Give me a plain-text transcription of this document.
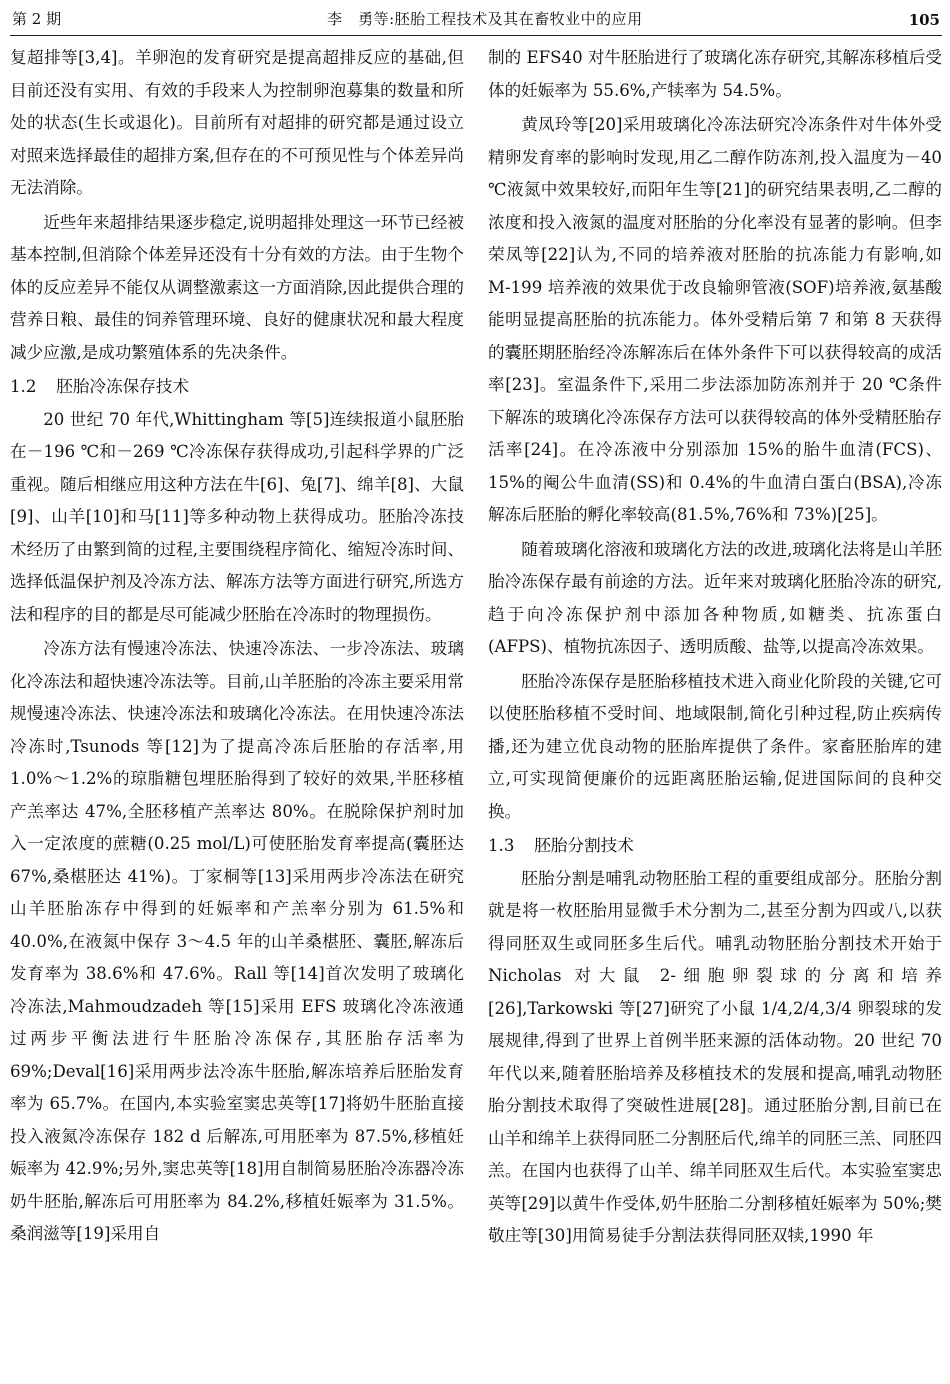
第 2 期	李　勇等:胚胎工程技术及其在畜牧业中的应用	105

复超排等[3,4]。羊卵泡的发育研究是提高超排反应的基础,但目前还没有实用、有效的手段来人为控制卵泡募集的数量和所处的状态(生长或退化)。目前所有对超排的研究都是通过设立对照来选择最佳的超排方案,但存在的不可预见性与个体差异尚无法消除。

近些年来超排结果逐步稳定,说明超排处理这一环节已经被基本控制,但消除个体差异还没有十分有效的方法。由于生物个体的反应差异不能仅从调整激素这一方面消除,因此提供合理的营养日粮、最佳的饲养管理环境、良好的健康状况和最大程度减少应激,是成功繁殖体系的先决条件。

1.2 胚胎冷冻保存技术

20 世纪 70 年代,Whittingham 等[5]连续报道小鼠胚胎在－196 ℃和－269 ℃冷冻保存获得成功,引起科学界的广泛重视。随后相继应用这种方法在牛[6]、兔[7]、绵羊[8]、大鼠[9]、山羊[10]和马[11]等多种动物上获得成功。胚胎冷冻技术经历了由繁到简的过程,主要围绕程序简化、缩短冷冻时间、选择低温保护剂及冷冻方法、解冻方法等方面进行研究,所选方法和程序的目的都是尽可能减少胚胎在冷冻时的物理损伤。

冷冻方法有慢速冷冻法、快速冷冻法、一步冷冻法、玻璃化冷冻法和超快速冷冻法等。目前,山羊胚胎的冷冻主要采用常规慢速冷冻法、快速冷冻法和玻璃化冷冻法。在用快速冷冻法冷冻时,Tsunods 等[12]为了提高冷冻后胚胎的存活率,用 1.0%～1.2%的琼脂糖包埋胚胎得到了较好的效果,半胚移植产羔率达 47%,全胚移植产羔率达 80%。在脱除保护剂时加入一定浓度的蔗糖(0.25 mol/L)可使胚胎发育率提高(囊胚达 67%,桑椹胚达 41%)。丁家桐等[13]采用两步冷冻法在研究山羊胚胎冻存中得到的妊娠率和产羔率分别为 61.5%和 40.0%,在液氮中保存 3～4.5 年的山羊桑椹胚、囊胚,解冻后发育率为 38.6%和 47.6%。Rall 等[14]首次发明了玻璃化冷冻法,Mahmoudzadeh 等[15]采用 EFS 玻璃化冷冻液通过两步平衡法进行牛胚胎冷冻保存,其胚胎存活率为 69%;Deval[16]采用两步法冷冻牛胚胎,解冻培养后胚胎发育率为 65.7%。在国内,本实验室窦忠英等[17]将奶牛胚胎直接投入液氮冷冻保存 182 d 后解冻,可用胚率为 87.5%,移植妊娠率为 42.9%;另外,窦忠英等[18]用自制简易胚胎冷冻器冷冻奶牛胚胎,解冻后可用胚率为 84.2%,移植妊娠率为 31.5%。桑润滋等[19]采用自

制的 EFS40 对牛胚胎进行了玻璃化冻存研究,其解冻移植后受体的妊娠率为 55.6%,产犊率为 54.5%。

黄凤玲等[20]采用玻璃化冷冻法研究冷冻条件对牛体外受精卵发育率的影响时发现,用乙二醇作防冻剂,投入温度为－40 ℃液氮中效果较好,而阳年生等[21]的研究结果表明,乙二醇的浓度和投入液氮的温度对胚胎的分化率没有显著的影响。但李荣凤等[22]认为,不同的培养液对胚胎的抗冻能力有影响,如 M-199 培养液的效果优于改良输卵管液(SOF)培养液,氨基酸能明显提高胚胎的抗冻能力。体外受精后第 7 和第 8 天获得的囊胚期胚胎经冷冻解冻后在体外条件下可以获得较高的成活率[23]。室温条件下,采用二步法添加防冻剂并于 20 ℃条件下解冻的玻璃化冷冻保存方法可以获得较高的体外受精胚胎存活率[24]。在冷冻液中分别添加 15%的胎牛血清(FCS)、15%的阉公牛血清(SS)和 0.4%的牛血清白蛋白(BSA),冷冻解冻后胚胎的孵化率较高(81.5%,76%和 73%)[25]。

随着玻璃化溶液和玻璃化方法的改进,玻璃化法将是山羊胚胎冷冻保存最有前途的方法。近年来对玻璃化胚胎冷冻的研究,趋于向冷冻保护剂中添加各种物质,如糖类、抗冻蛋白(AFPS)、植物抗冻因子、透明质酸、盐等,以提高冷冻效果。

胚胎冷冻保存是胚胎移植技术进入商业化阶段的关键,它可以使胚胎移植不受时间、地域限制,简化引种过程,防止疾病传播,还为建立优良动物的胚胎库提供了条件。家畜胚胎库的建立,可实现简便廉价的远距离胚胎运输,促进国际间的良种交换。

1.3 胚胎分割技术

胚胎分割是哺乳动物胚胎工程的重要组成部分。胚胎分割就是将一枚胚胎用显微手术分割为二,甚至分割为四或八,以获得同胚双生或同胚多生后代。哺乳动物胚胎分割技术开始于 Nicholas 对大鼠 2-细胞卵裂球的分离和培养[26],Tarkowski 等[27]研究了小鼠 1/4,2/4,3/4 卵裂球的发展规律,得到了世界上首例半胚来源的活体动物。20 世纪 70 年代以来,随着胚胎培养及移植技术的发展和提高,哺乳动物胚胎分割技术取得了突破性进展[28]。通过胚胎分割,目前已在山羊和绵羊上获得同胚二分割胚后代,绵羊的同胚三羔、同胚四羔。在国内也获得了山羊、绵羊同胚双生后代。本实验室窦忠英等[29]以黄牛作受体,奶牛胚胎二分割移植妊娠率为 50%;樊敬庄等[30]用简易徒手分割法获得同胚双犊,1990 年
